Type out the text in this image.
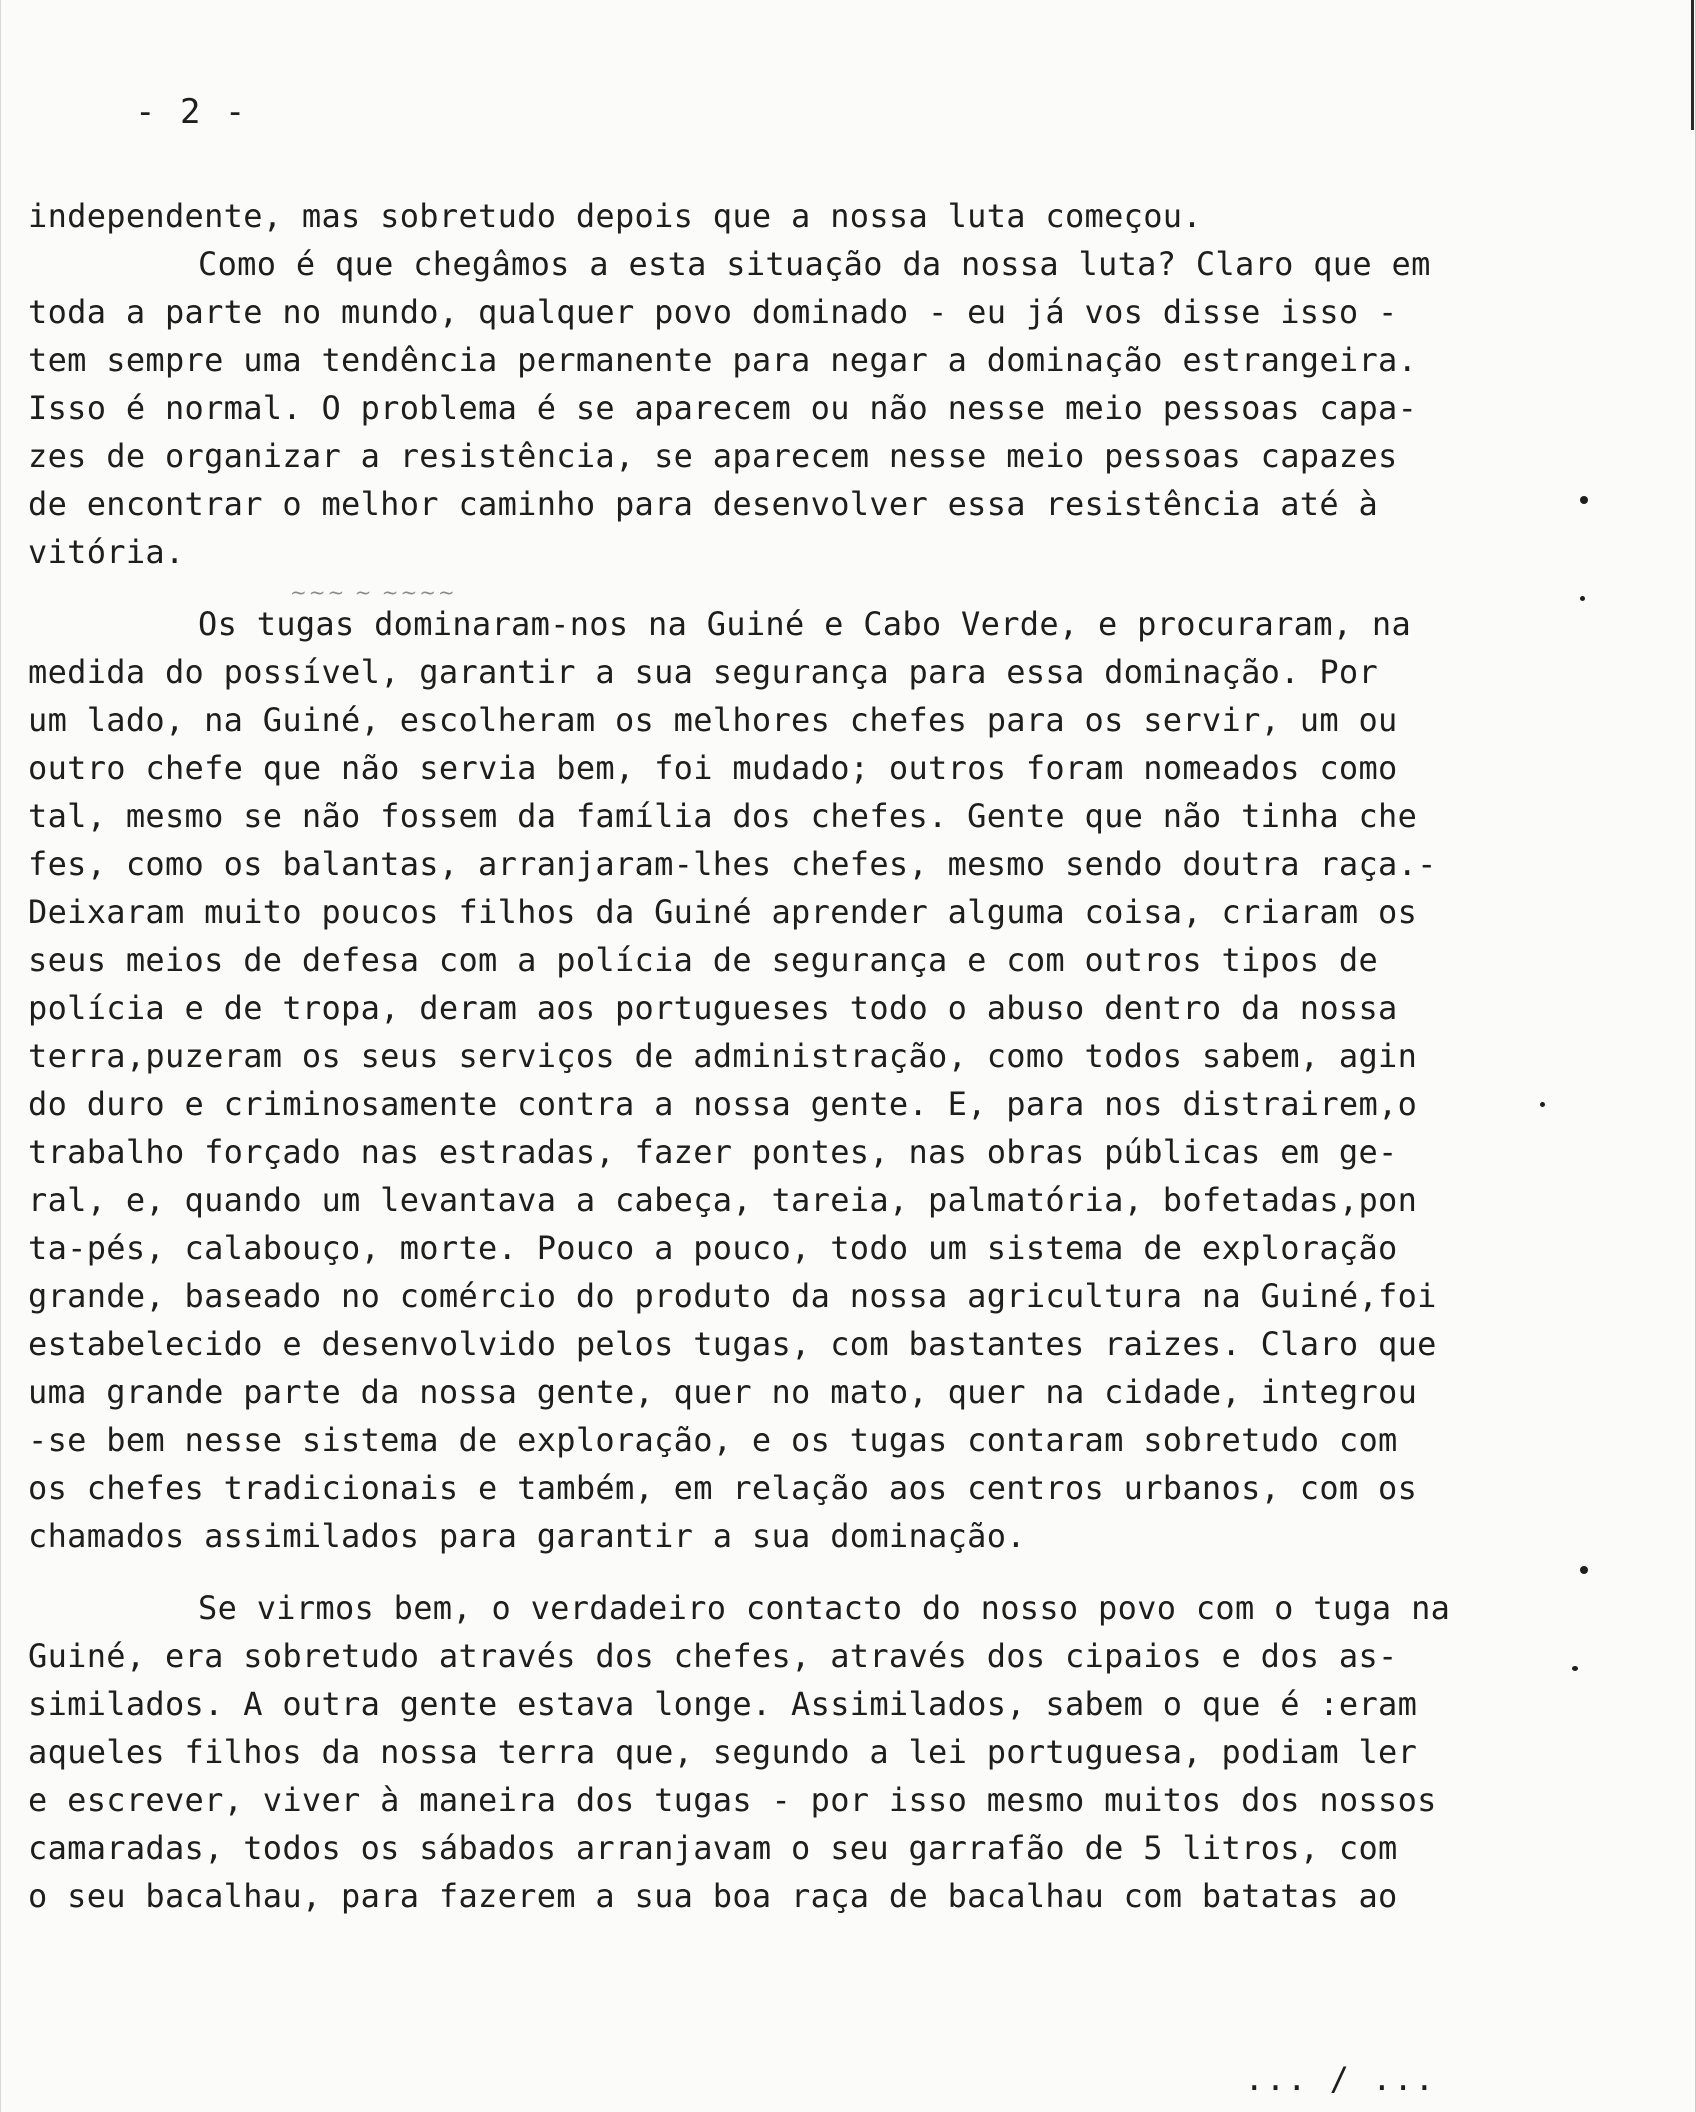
- 2 -
independente, mas sobretudo depois que a nossa luta começou.
Como é que chegâmos a esta situação da nossa luta? Claro que em
toda a parte no mundo, qualquer povo dominado - eu já vos disse isso -
tem sempre uma tendência permanente para negar a dominação estrangeira.
Isso é normal. O problema é se aparecem ou não nesse meio pessoas capa-
zes de organizar a resistência, se aparecem nesse meio pessoas capazes
de encontrar o melhor caminho para desenvolver essa resistência até à
vitória.
Os tugas dominaram-nos na Guiné e Cabo Verde, e procuraram, na
medida do possível, garantir a sua segurança para essa dominação. Por
um lado, na Guiné, escolheram os melhores chefes para os servir, um ou
outro chefe que não servia bem, foi mudado; outros foram nomeados como
tal, mesmo se não fossem da família dos chefes. Gente que não tinha che
fes, como os balantas, arranjaram-lhes chefes, mesmo sendo doutra raça.-
Deixaram muito poucos filhos da Guiné aprender alguma coisa, criaram os
seus meios de defesa com a polícia de segurança e com outros tipos de
polícia e de tropa, deram aos portugueses todo o abuso dentro da nossa
terra,puzeram os seus serviços de administração, como todos sabem, agin
do duro e criminosamente contra a nossa gente. E, para nos distrairem,o
trabalho forçado nas estradas, fazer pontes, nas obras públicas em ge-
ral, e, quando um levantava a cabeça, tareia, palmatória, bofetadas,pon
ta-pés, calabouço, morte. Pouco a pouco, todo um sistema de exploração
grande, baseado no comércio do produto da nossa agricultura na Guiné,foi
estabelecido e desenvolvido pelos tugas, com bastantes raizes. Claro que
uma grande parte da nossa gente, quer no mato, quer na cidade, integrou
-se bem nesse sistema de exploração, e os tugas contaram sobretudo com
os chefes tradicionais e também, em relação aos centros urbanos, com os
chamados assimilados para garantir a sua dominação.
Se virmos bem, o verdadeiro contacto do nosso povo com o tuga na
Guiné, era sobretudo através dos chefes, através dos cipaios e dos as-
similados. A outra gente estava longe. Assimilados, sabem o que é :eram
aqueles filhos da nossa terra que, segundo a lei portuguesa, podiam ler
e escrever, viver à maneira dos tugas - por isso mesmo muitos dos nossos
camaradas, todos os sábados arranjavam o seu garrafão de 5 litros, com
o seu bacalhau, para fazerem a sua boa raça de bacalhau com batatas ao
~~~ ~ ~~~~
... / ...
